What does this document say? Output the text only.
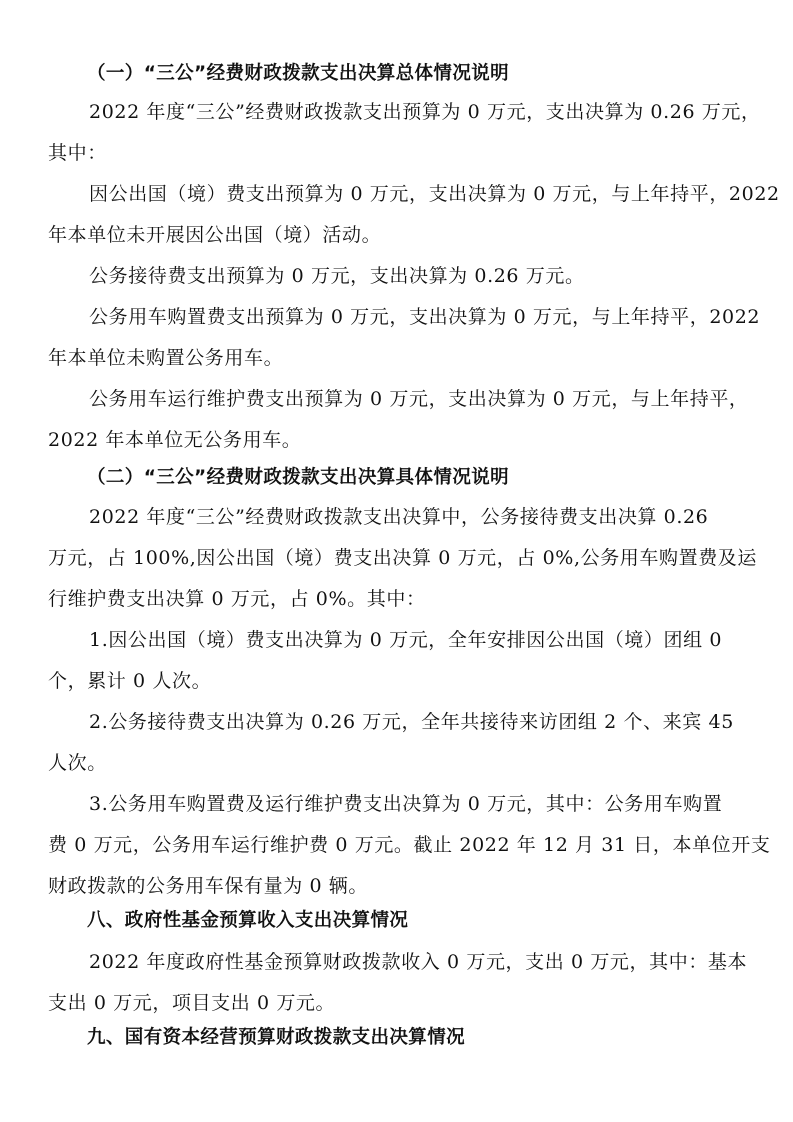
（一）“三公”经费财政拨款支出决算总体情况说明
2022 年度“三公”经费财政拨款支出预算为 0 万元，支出决算为 0.26 万元，
其中：
因公出国（境）费支出预算为 0 万元，支出决算为 0 万元，与上年持平，2022
年本单位未开展因公出国（境）活动。
公务接待费支出预算为 0 万元，支出决算为 0.26 万元。
公务用车购置费支出预算为 0 万元，支出决算为 0 万元，与上年持平，2022
年本单位未购置公务用车。
公务用车运行维护费支出预算为 0 万元，支出决算为 0 万元，与上年持平，
2022 年本单位无公务用车。
（二）“三公”经费财政拨款支出决算具体情况说明
2022 年度“三公”经费财政拨款支出决算中，公务接待费支出决算 0.26
万元，占 100%,因公出国（境）费支出决算 0 万元，占 0%,公务用车购置费及运
行维护费支出决算 0 万元，占 0%。其中：
1.因公出国（境）费支出决算为 0 万元，全年安排因公出国（境）团组 0
个，累计 0 人次。
2.公务接待费支出决算为 0.26 万元，全年共接待来访团组 2 个、来宾 45
人次。
3.公务用车购置费及运行维护费支出决算为 0 万元，其中：公务用车购置
费 0 万元，公务用车运行维护费 0 万元。截止 2022 年 12 月 31 日，本单位开支
财政拨款的公务用车保有量为 0 辆。
八、政府性基金预算收入支出决算情况
2022 年度政府性基金预算财政拨款收入 0 万元，支出 0 万元，其中：基本
支出 0 万元，项目支出 0 万元。
九、国有资本经营预算财政拨款支出决算情况
